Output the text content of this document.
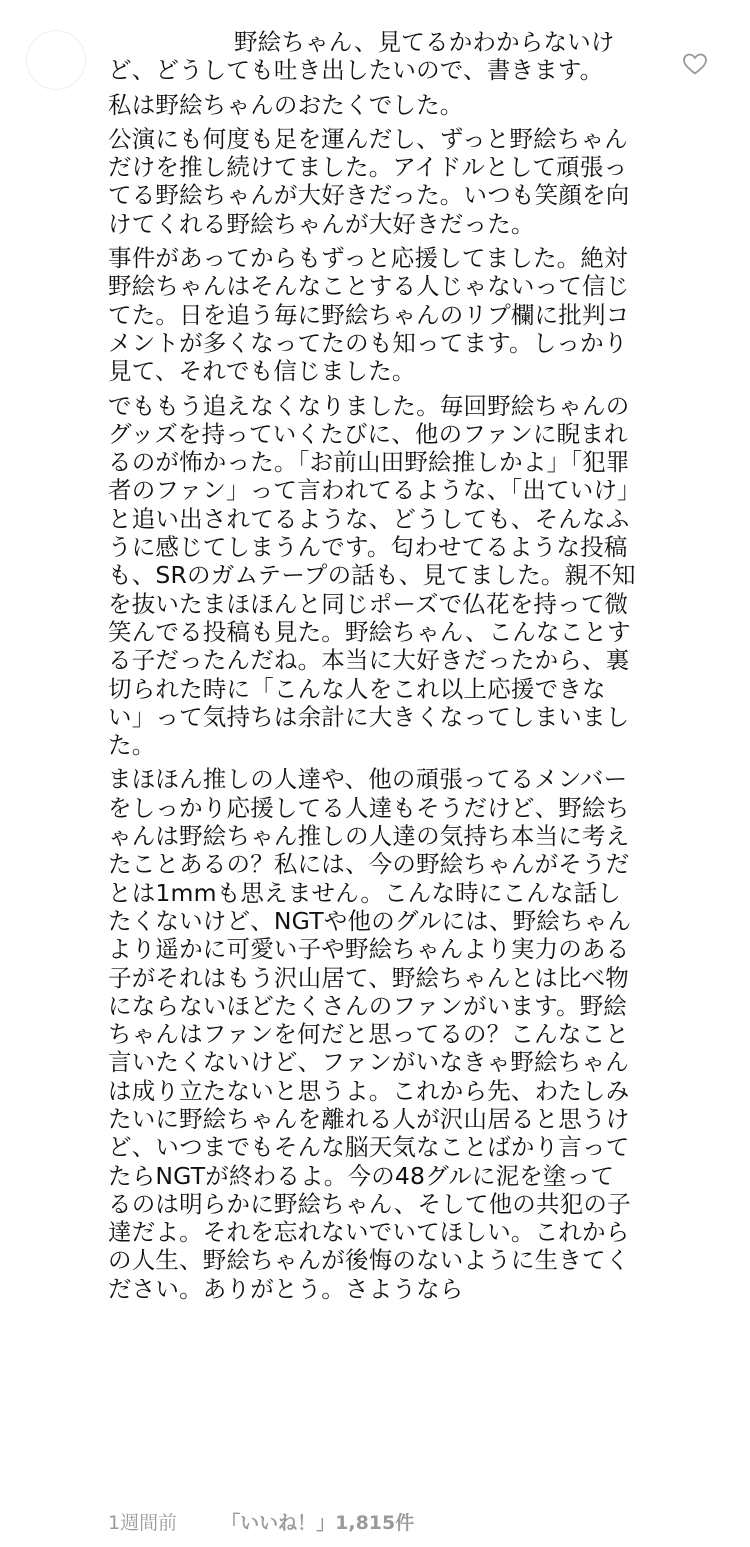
野絵ちゃん、見てるかわからないけど、どうしても吐き出したいので、書きます。

私は野絵ちゃんのおたくでした。

公演にも何度も足を運んだし、ずっと野絵ちゃんだけを推し続けてました。アイドルとして頑張ってる野絵ちゃんが大好きだった。いつも笑顔を向けてくれる野絵ちゃんが大好きだった。

事件があってからもずっと応援してました。絶対野絵ちゃんはそんなことする人じゃないって信じてた。日を追う毎に野絵ちゃんのリプ欄に批判コメントが多くなってたのも知ってます。しっかり見て、それでも信じました。

でももう追えなくなりました。毎回野絵ちゃんのグッズを持っていくたびに、他のファンに睨まれるのが怖かった。「お前山田野絵推しかよ」「犯罪者のファン」って言われてるような、「出ていけ」と追い出されてるような、どうしても、そんなふうに感じてしまうんです。匂わせてるような投稿も、SRのガムテープの話も、見てました。親不知を抜いたまほほんと同じポーズで仏花を持って微笑んでる投稿も見た。野絵ちゃん、こんなことする子だったんだね。本当に大好きだったから、裏切られた時に「こんな人をこれ以上応援できない」って気持ちは余計に大きくなってしまいました。

まほほん推しの人達や、他の頑張ってるメンバーをしっかり応援してる人達もそうだけど、野絵ちゃんは野絵ちゃん推しの人達の気持ち本当に考えたことあるの？私には、今の野絵ちゃんがそうだとは1mmも思えません。こんな時にこんな話したくないけど、NGTや他のグルには、野絵ちゃんより遥かに可愛い子や野絵ちゃんより実力のある子がそれはもう沢山居て、野絵ちゃんとは比べ物にならないほどたくさんのファンがいます。野絵ちゃんはファンを何だと思ってるの？こんなこと言いたくないけど、ファンがいなきゃ野絵ちゃんは成り立たないと思うよ。これから先、わたしみたいに野絵ちゃんを離れる人が沢山居ると思うけど、いつまでもそんな脳天気なことばかり言ってたらNGTが終わるよ。今の48グルに泥を塗ってるのは明らかに野絵ちゃん、そして他の共犯の子達だよ。それを忘れないでいてほしい。これからの人生、野絵ちゃんが後悔のないように生きてください。ありがとう。さようなら

1週間前 「いいね！」1,815件
